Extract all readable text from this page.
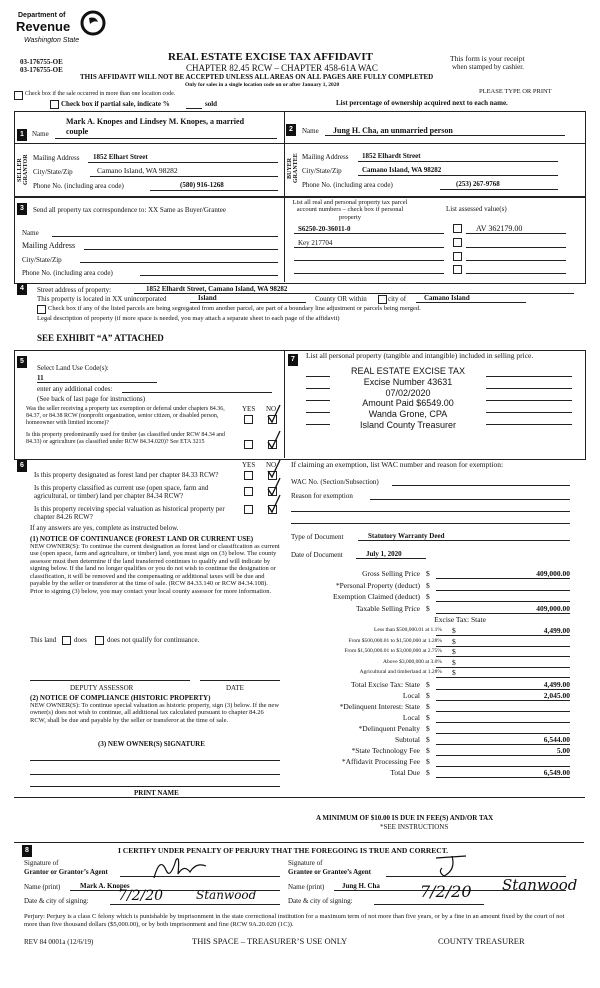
Department of
Revenue
Washington State
03-176755-OE
03-176755-OE
REAL ESTATE EXCISE TAX AFFIDAVIT
CHAPTER 82.45 RCW – CHAPTER 458-61A WAC
This form is your receipt
when stamped by cashier.
THIS AFFIDAVIT WILL NOT BE ACCEPTED UNLESS ALL AREAS ON ALL PAGES ARE FULLY COMPLETED
Only for sales in a single location code on or after January 1, 2020
PLEASE TYPE OR PRINT
Check box if the sale occurred in more than one location code.
Check box if partial sale, indicate %	sold	List percentage of ownership acquired next to each name.
1	Name
Mark A. Knopes and Lindsey M. Knopes, a married
couple
SELLER GRANTOR Mailing Address 1852 Elhart Street
City/State/Zip	Camano Island, WA 98282
Phone No. (including area code)	(580) 916-1268
2	Name Jung H. Cha, an unmarried person
BUYER GRANTEE Mailing Address 1852 Elhardt Street
City/State/Zip	Camano Island, WA 98282
Phone No. (including area code)	(253) 267-9768
3	Send all property tax correspondence to: XX Same as Buyer/Grantee
Name
Mailing Address
City/State/Zip
Phone No. (including area code)
List all real and personal property tax parcel account numbers – check box if personal property
List assessed value(s)
S6250-20-36011-0	AV 362179.00
Key 217704
4	Street address of property:	1852 Elhardt Street, Camano Island, WA 98282
This property is located in XX unincorporated	Island	County OR within	city of	Camano Island
Check box if any of the listed parcels are being segregated from another parcel, are part of a boundary line adjustment or parcels being merged.
Legal description of property (if more space is needed, you may attach a separate sheet to each page of the affidavit)
SEE EXHIBIT “A” ATTACHED
5
Select Land Use Code(s):
11
enter any additional codes:
(See back of last page for instructions)
YES NO
Was the seller receiving a property tax exemption or deferral under chapters 84.36, 84.37, or 84.38 RCW (nonprofit organization, senior citizen, or disabled person, homeowner with limited income)?
Is this property predominantly used for timber (as classified under RCW 84.34 and 84.33) or agriculture (as classified under RCW 84.34.020)? See ETA 3215
7	List all personal property (tangible and intangible) included in selling price.
REAL ESTATE EXCISE TAX
Excise Number 43631
07/02/2020
Amount Paid $6549.00
Wanda Grone, CPA
Island County Treasurer
6	YES NO
Is this property designated as forest land per chapter 84.33 RCW?
Is this property classified as current use (open space, farm and agricultural, or timber) land per chapter 84.34 RCW?
Is this property receiving special valuation as historical property per chapter 84.26 RCW?
If any answers are yes, complete as instructed below.
(1) NOTICE OF CONTINUANCE (FOREST LAND OR CURRENT USE)
NEW OWNER(S): To continue the current designation as forest land or classification as current use (open space, farm and agriculture, or timber) land, you must sign on (3) below. The county assessor must then determine if the land transferred continues to qualify and will indicate by signing below. If the land no longer qualifies or you do not wish to continue the designation or classification, it will be removed and the compensating or additional taxes will be due and payable by the seller or transferor at the time of sale. (RCW 84.33.140 or RCW 84.34.108). Prior to signing (3) below, you may contact your local county assessor for more information.
This land	does	does not qualify for continuance.
DEPUTY ASSESSOR	DATE
(2) NOTICE OF COMPLIANCE (HISTORIC PROPERTY)
NEW OWNER(S): To continue special valuation as historic property, sign (3) below. If the new owner(s) does not wish to continue, all additional tax calculated pursuant to chapter 84.26 RCW, shall be due and payable by the seller or transferor at the time of sale.
(3) NEW OWNER(S) SIGNATURE
PRINT NAME
If claiming an exemption, list WAC number and reason for exemption:
WAC No. (Section/Subsection)
Reason for exemption
Type of Document	Statutory Warranty Deed
Date of Document	July 1, 2020
Gross Selling Price $	409,000.00
*Personal Property (deduct) $
Exemption Claimed (deduct) $
Taxable Selling Price $	409,000.00
Excise Tax: State
Less than $500,000.01 at 1.1% $	4,499.00
From $500,000.01 to $1,500,000 at 1.28% $
From $1,500,000.01 to $3,000,000 at 2.75% $
Above $3,000,000 at 3.0% $
Agricultural and timberland at 1.28% $
Total Excise Tax: State $	4,499.00
Local $	2,045.00
*Delinquent Interest: State $
Local $
*Delinquent Penalty $
Subtotal $	6,544.00
*State Technology Fee $	5.00
*Affidavit Processing Fee $
Total Due $	6,549.00
A MINIMUM OF $10.00 IS DUE IN FEE(S) AND/OR TAX
*SEE INSTRUCTIONS
8	I CERTIFY UNDER PENALTY OF PERJURY THAT THE FOREGOING IS TRUE AND CORRECT.
Signature of
Grantor or Grantor’s Agent
Name (print)	Mark A. Knopes
Date & city of signing: 7/2/20	Stanwood
Signature of
Grantee or Grantee’s Agent
Name (print)	Jung H. Cha
Date & city of signing:	7/2/20 Stanwood
Perjury: Perjury is a class C felony which is punishable by imprisonment in the state correctional institution for a maximum term of not more than five years, or by a fine in an amount fixed by the court of not more than five thousand dollars ($5,000.00), or by both imprisonment and fine (RCW 9A.20.020 (1C)).
REV 84 0001a (12/6/19)	THIS SPACE – TREASURER’S USE ONLY	COUNTY TREASURER
